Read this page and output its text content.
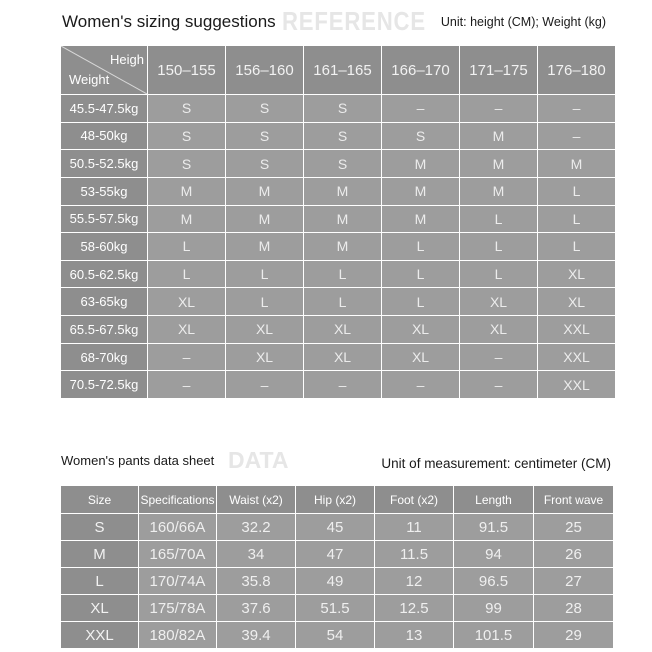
Women's sizing suggestions REFERENCE Unit: height (CM); Weight (kg)
Heigh
Weight
150–155	156–160	161–165	166–170	171–175	176–180
45.5-47.5kg	S	S	S	–	–	–
48-50kg	S	S	S	S	M	–
50.5-52.5kg	S	S	S	M	M	M
53-55kg	M	M	M	M	M	L
55.5-57.5kg	M	M	M	M	L	L
58-60kg	L	M	M	L	L	L
60.5-62.5kg	L	L	L	L	L	XL
63-65kg	XL	L	L	L	XL	XL
65.5-67.5kg	XL	XL	XL	XL	XL	XXL
68-70kg	–	XL	XL	XL	–	XXL
70.5-72.5kg	–	–	–	–	–	XXL
Women's pants data sheet DATA	Unit of measurement: centimeter (CM)
Size	Specifications	Waist (x2)	Hip (x2)	Foot (x2)	Length	Front wave
S	160/66A	32.2	45	11	91.5	25
M	165/70A	34	47	11.5	94	26
L	170/74A	35.8	49	12	96.5	27
XL	175/78A	37.6	51.5	12.5	99	28
XXL	180/82A	39.4	54	13	101.5	29
